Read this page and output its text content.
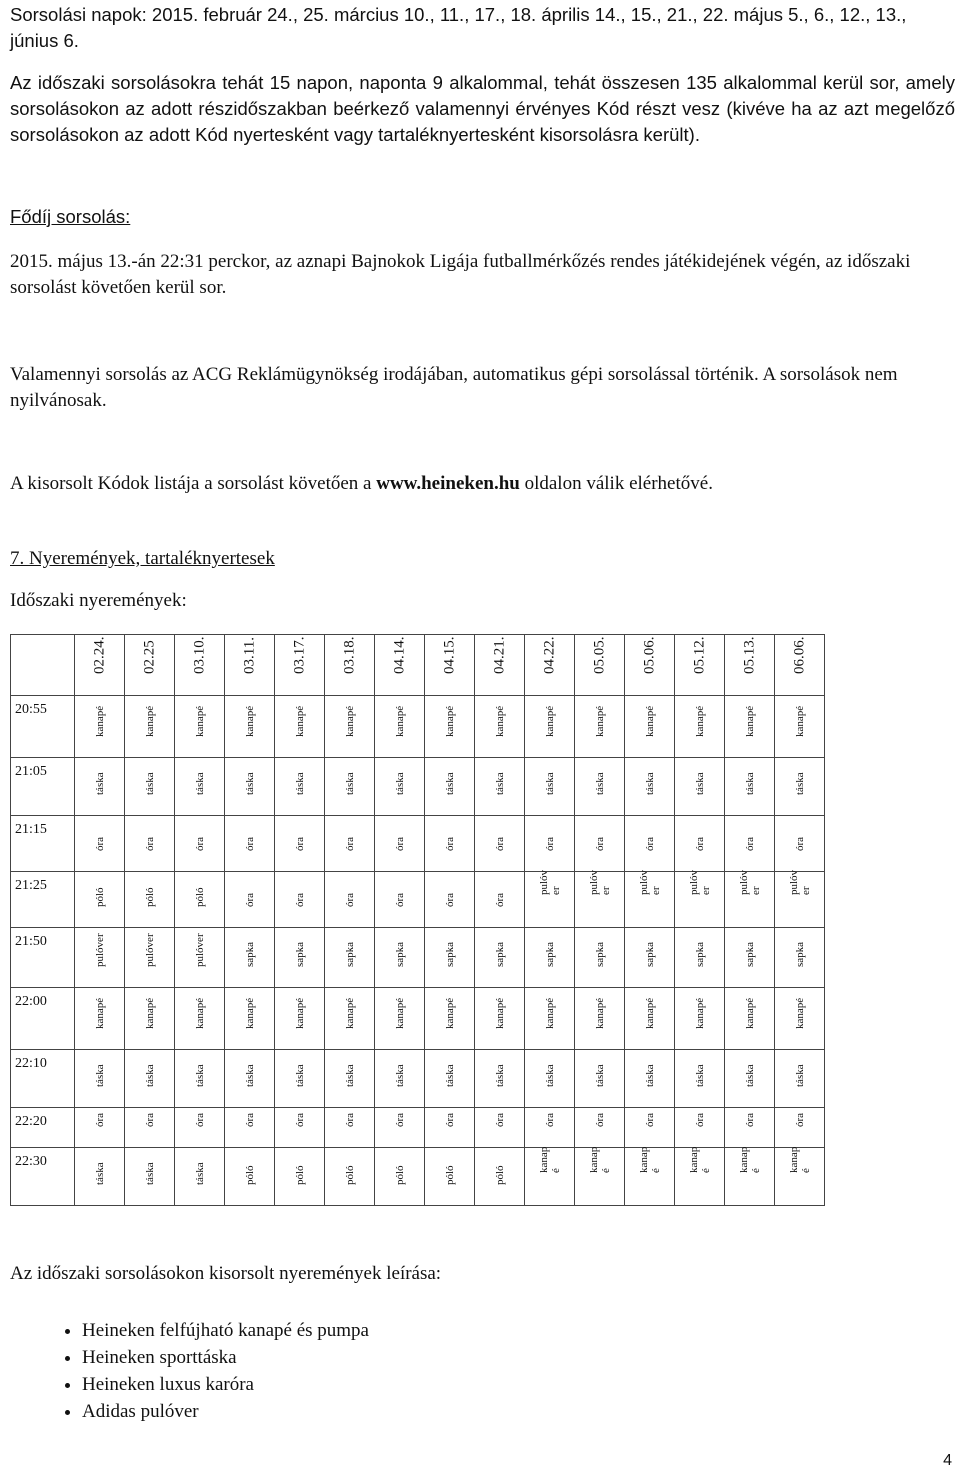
Sorsolási napok: 2015. február 24., 25. március 10., 11., 17., 18. április 14., 15., 21., 22. május 5., 6., 12., 13., június 6.

Az időszaki sorsolásokra tehát 15 napon, naponta 9 alkalommal, tehát összesen 135 alkalommal kerül sor, amely sorsolásokon az adott részidőszakban beérkező valamennyi érvényes Kód részt vesz (kivéve ha az azt megelőző sorsolásokon az adott Kód nyertesként vagy tartaléknyertesként kisorsolásra került).

Fődíj sorsolás:

2015. május 13.-án 22:31 perckor, az aznapi Bajnokok Ligája futballmérkőzés rendes játékidejének végén, az időszaki sorsolást követően kerül sor.

Valamennyi sorsolás az ACG Reklámügynökség irodájában, automatikus gépi sorsolással történik. A sorsolások nem nyilvánosak.

A kisorsolt Kódok listája a sorsolást követően a www.heineken.hu oldalon válik elérhetővé.

7. Nyeremények, tartaléknyertesek

Időszaki nyeremények:

	02.24.	02.25	03.10.	03.11.	03.17.	03.18.	04.14.	04.15.	04.21.	04.22.	05.05.	05.06.	05.12.	05.13.	06.06.

20:55	kanapé	kanapé	kanapé	kanapé	kanapé	kanapé	kanapé	kanapé	kanapé	kanapé	kanapé	kanapé	kanapé	kanapé	kanapé

21:05	táska	táska	táska	táska	táska	táska	táska	táska	táska	táska	táska	táska	táska	táska	táska

21:15	óra	óra	óra	óra	óra	óra	óra	óra	óra	óra	óra	óra	óra	óra	óra

21:25	póló	póló	póló	óra	óra	óra	óra	óra	óra	pulóv er	pulóv er	pulóv er	pulóv er	pulóv er	pulóv er

21:50	pulóver	pulóver	pulóver	sapka	sapka	sapka	sapka	sapka	sapka	sapka	sapka	sapka	sapka	sapka	sapka

22:00	kanapé	kanapé	kanapé	kanapé	kanapé	kanapé	kanapé	kanapé	kanapé	kanapé	kanapé	kanapé	kanapé	kanapé	kanapé

22:10	táska	táska	táska	táska	táska	táska	táska	táska	táska	táska	táska	táska	táska	táska	táska

22:20	óra	óra	óra	óra	óra	óra	óra	óra	óra	óra	óra	óra	óra	óra	óra

22:30	táska	táska	táska	póló	póló	póló	póló	póló	póló	kanap é	kanap é	kanap é	kanap é	kanap é	kanap é

Az időszaki sorsolásokon kisorsolt nyeremények leírása:

• Heineken felfújható kanapé és pumpa
• Heineken sporttáska
• Heineken luxus karóra
• Adidas pulóver
4
